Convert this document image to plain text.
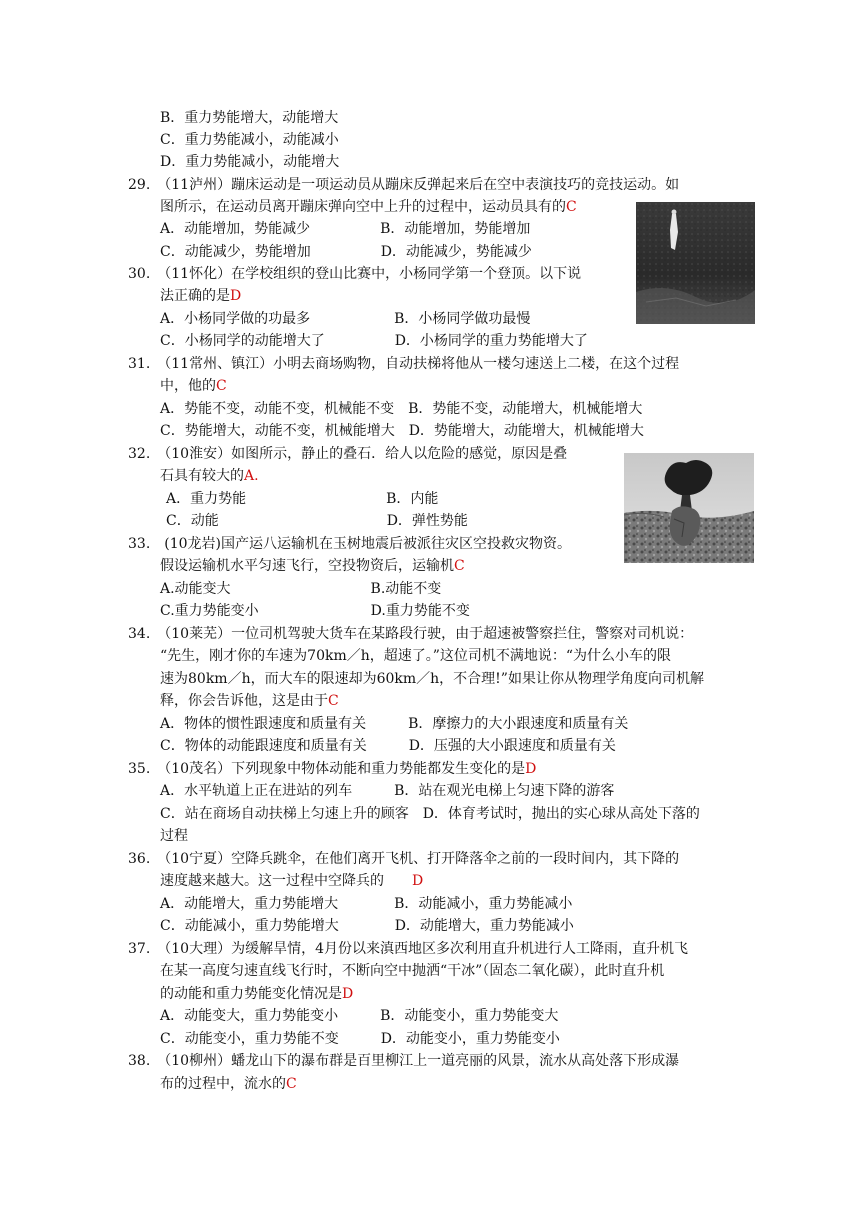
B．重力势能增大，动能增大
C．重力势能减小，动能减小
D．重力势能减小，动能增大
29.　（11泸州）蹦床运动是一项运动员从蹦床反弹起来后在空中表演技巧的竞技运动。如
图所示，在运动员离开蹦床弹向空中上升的过程中，运动员具有的C
A．动能增加，势能减少　　　　　B．动能增加，势能增加
C．动能减少，势能增加　　　　　D．动能减少，势能减少
30.　（11怀化）在学校组织的登山比赛中，小杨同学第一个登顶。以下说
法正确的是D
A．小杨同学做的功最多　　　　　　B．小杨同学做功最慢
C．小杨同学的动能增大了　　　　　D．小杨同学的重力势能增大了
31.　（11常州、镇江）小明去商场购物，自动扶梯将他从一楼匀速送上二楼，在这个过程
中，他的C
A．势能不变，动能不变，机械能不变　B．势能不变，动能增大，机械能增大
C．势能增大，动能不变，机械能增大　D．势能增大，动能增大，机械能增大
32.　（10淮安）如图所示，静止的叠石．给人以危险的感觉，原因是叠
石具有较大的A.
A．重力势能　　　　　　　　　　B．内能
C．动能　　　　　　　　　　　　D．弹性势能
33.　(10龙岩)国产运八运输机在玉树地震后被派往灾区空投救灾物资。
假设运输机水平匀速飞行，空投物资后，运输机C
A.动能变大　　　　　　　　　　B.动能不变
C.重力势能变小　　　　　　　　D.重力势能不变
34.　（10莱芜）一位司机驾驶大货车在某路段行驶，由于超速被警察拦住，警察对司机说：
“先生，刚才你的车速为70km／h，超速了。”这位司机不满地说：“为什么小车的限
速为80km／h，而大车的限速却为60km／h，不合理!”如果让你从物理学角度向司机解
释，你会告诉他，这是由于C
A．物体的惯性跟速度和质量有关　　　B．摩擦力的大小跟速度和质量有关
C．物体的动能跟速度和质量有关　　　D．压强的大小跟速度和质量有关
35.　（10茂名）下列现象中物体动能和重力势能都发生变化的是D
A．水平轨道上正在进站的列车　　　B．站在观光电梯上匀速下降的游客
C．站在商场自动扶梯上匀速上升的顾客　D．体育考试时，抛出的实心球从高处下落的
过程
36.　（10宁夏）空降兵跳伞，在他们离开飞机、打开降落伞之前的一段时间内，其下降的
速度越来越大。这一过程中空降兵的　　D
A．动能增大，重力势能增大　　　　B．动能减小，重力势能减小
C．动能减小，重力势能增大　　　　D．动能增大，重力势能减小
37.　（10大理）为缓解旱情，4月份以来滇西地区多次利用直升机进行人工降雨，直升机飞
在某一高度匀速直线飞行时，不断向空中抛洒“干冰”（固态二氧化碳），此时直升机
的动能和重力势能变化情况是D
A．动能变大，重力势能变小　　　B．动能变小，重力势能变大
C．动能变小，重力势能不变　　　D．动能变小，重力势能变小
38.　（10柳州）蟠龙山下的瀑布群是百里柳江上一道亮丽的风景，流水从高处落下形成瀑
布的过程中，流水的C
